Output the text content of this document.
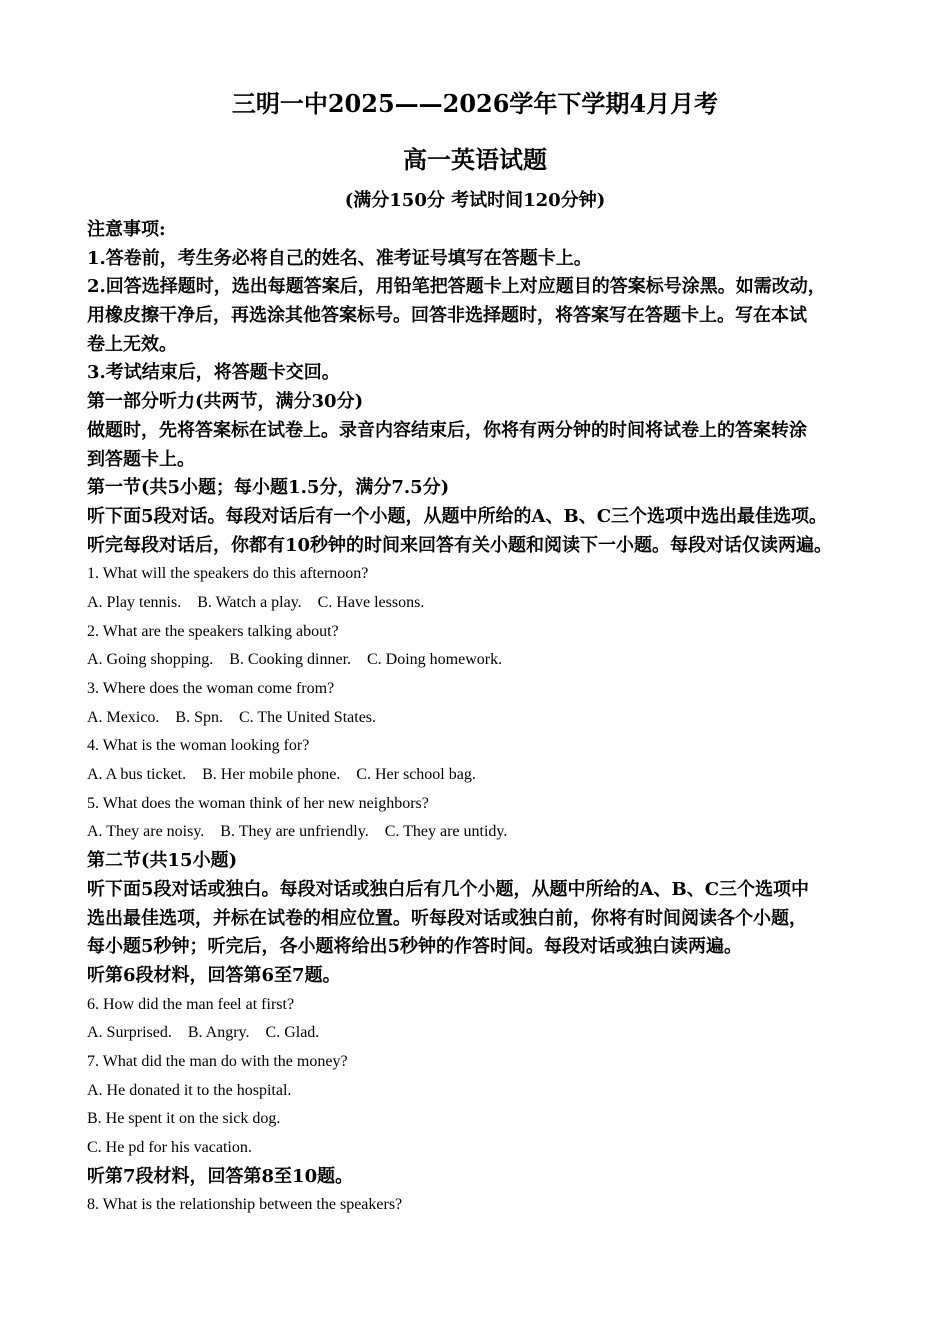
三明一中2025——2026学年下学期4月月考
高一英语试题
(满分150分 考试时间120分钟)
注意事项:
1.答卷前，考生务必将自己的姓名、准考证号填写在答题卡上。
2.回答选择题时，选出每题答案后，用铅笔把答题卡上对应题目的答案标号涂黑。如需改动，
用橡皮擦干净后，再选涂其他答案标号。回答非选择题时，将答案写在答题卡上。写在本试
卷上无效。
3.考试结束后，将答题卡交回。
第一部分听力(共两节，满分30分)
做题时，先将答案标在试卷上。录音内容结束后，你将有两分钟的时间将试卷上的答案转涂
到答题卡上。
第一节(共5小题；每小题1.5分，满分7.5分)
听下面5段对话。每段对话后有一个小题，从题中所给的A、B、C三个选项中选出最佳选项。
听完每段对话后，你都有10秒钟的时间来回答有关小题和阅读下一小题。每段对话仅读两遍。
1. What will the speakers do this afternoon?
A. Play tennis.    B. Watch a play.    C. Have lessons.
2. What are the speakers talking about?
A. Going shopping.    B. Cooking dinner.    C. Doing homework.
3. Where does the woman come from?
A. Mexico.    B. Spn.    C. The United States.
4. What is the woman looking for?
A. A bus ticket.    B. Her mobile phone.    C. Her school bag.
5. What does the woman think of her new neighbors?
A. They are noisy.    B. They are unfriendly.    C. They are untidy.
第二节(共15小题)
听下面5段对话或独白。每段对话或独白后有几个小题，从题中所给的A、B、C三个选项中
选出最佳选项，并标在试卷的相应位置。听每段对话或独白前，你将有时间阅读各个小题，
每小题5秒钟；听完后，各小题将给出5秒钟的作答时间。每段对话或独白读两遍。
听第6段材料，回答第6至7题。
6. How did the man feel at first?
A. Surprised.    B. Angry.    C. Glad.
7. What did the man do with the money?
A. He donated it to the hospital.
B. He spent it on the sick dog.
C. He pd for his vacation.
听第7段材料，回答第8至10题。
8. What is the relationship between the speakers?
